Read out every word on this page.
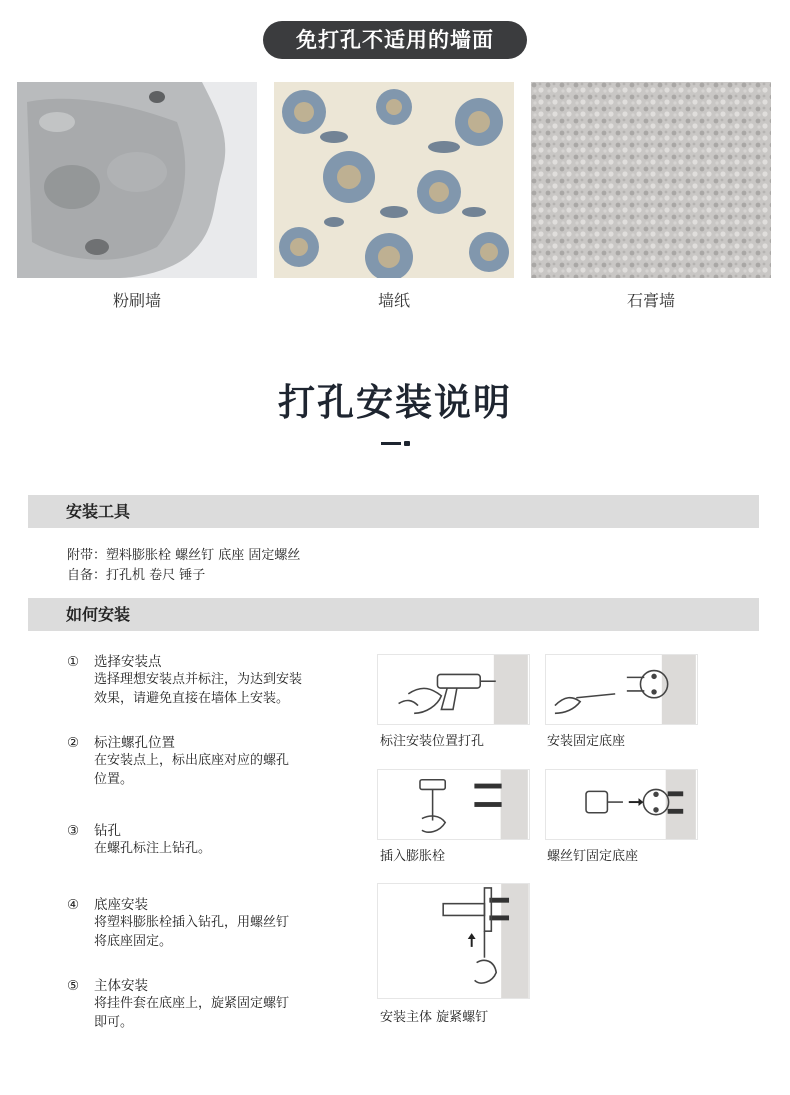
免打孔不适用的墙面
粉刷墙	墙纸	石膏墙
打孔安装说明
安装工具
附带：塑料膨胀栓 螺丝钉 底座 固定螺丝
自备：打孔机 卷尺 锤子
如何安装
① 选择安装点
选择理想安装点并标注，为达到安装
效果，请避免直接在墙体上安装。
② 标注螺孔位置
在安装点上，标出底座对应的螺孔
位置。
③ 钻孔
在螺孔标注上钻孔。
④ 底座安装
将塑料膨胀栓插入钻孔，用螺丝钉
将底座固定。
⑤ 主体安装
将挂件套在底座上，旋紧固定螺钉
即可。
标注安装位置打孔	安装固定底座
插入膨胀栓	螺丝钉固定底座
安装主体 旋紧螺钉
